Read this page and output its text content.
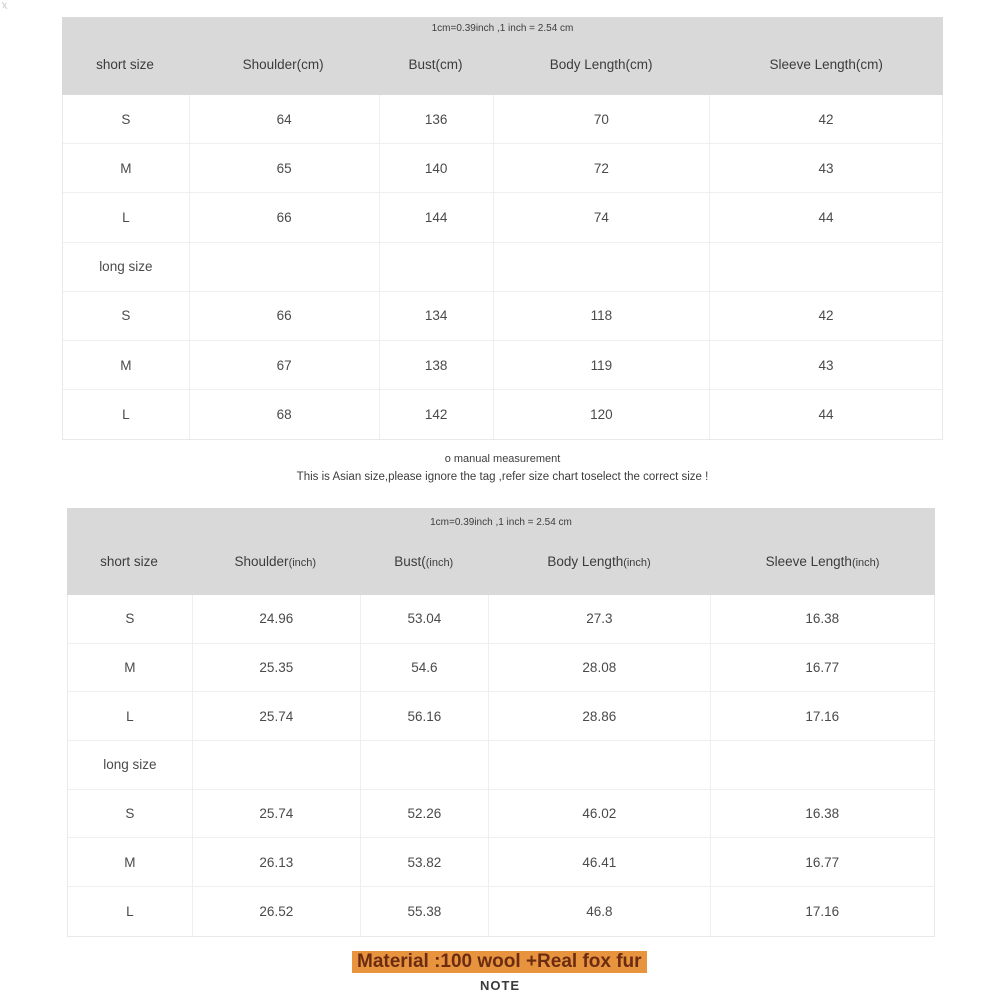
1cm=0.39inch ,1 inch = 2.54 cm
short size	Shoulder(cm)	Bust(cm)	Body Length(cm)	Sleeve Length(cm)
S	64	136	70	42
M	65	140	72	43
L	66	144	74	44
long size
S	66	134	118	42
M	67	138	119	43
L	68	142	120	44
o manual measurement
This is Asian size,please ignore the tag ,refer size chart toselect the correct size !
1cm=0.39inch ,1 inch = 2.54 cm
short size	Shoulder(inch)	Bust((inch)	Body Length(inch)	Sleeve Length(inch)
S	24.96	53.04	27.3	16.38
M	25.35	54.6	28.08	16.77
L	25.74	56.16	28.86	17.16
long size
S	25.74	52.26	46.02	16.38
M	26.13	53.82	46.41	16.77
L	26.52	55.38	46.8	17.16
Material :100 wool +Real fox fur
NOTE
